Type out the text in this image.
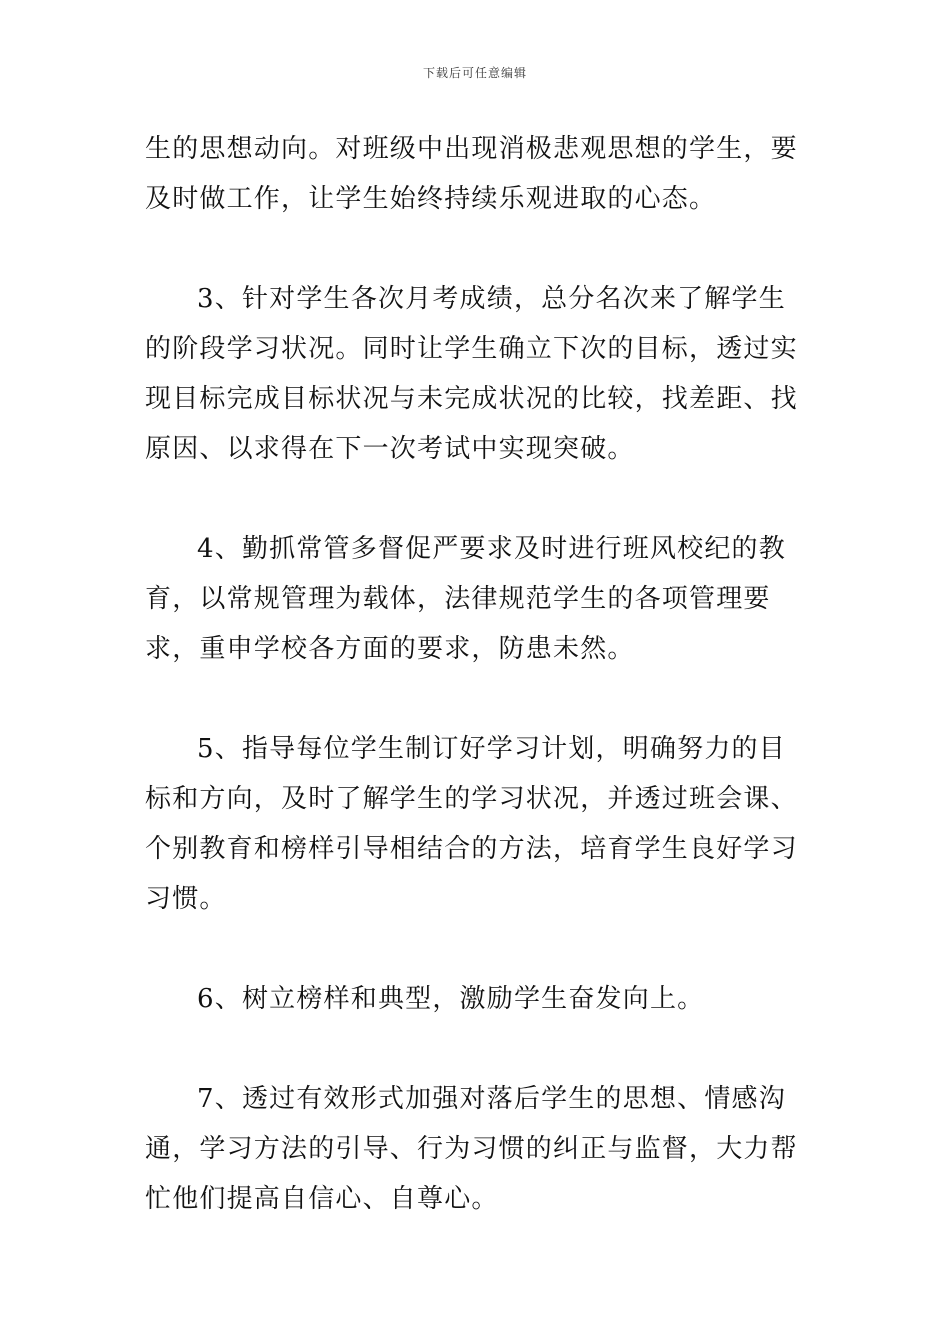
下载后可任意编辑

生的思想动向。对班级中出现消极悲观思想的学生，要及时做工作，让学生始终持续乐观进取的心态。

3、针对学生各次月考成绩，总分名次来了解学生的阶段学习状况。同时让学生确立下次的目标，透过实现目标完成目标状况与未完成状况的比较，找差距、找原因、以求得在下一次考试中实现突破。

4、勤抓常管多督促严要求及时进行班风校纪的教育，以常规管理为载体，法律规范学生的各项管理要求，重申学校各方面的要求，防患未然。

5、指导每位学生制订好学习计划，明确努力的目标和方向，及时了解学生的学习状况，并透过班会课、个别教育和榜样引导相结合的方法，培育学生良好学习习惯。

6、树立榜样和典型，激励学生奋发向上。

7、透过有效形式加强对落后学生的思想、情感沟通，学习方法的引导、行为习惯的纠正与监督，大力帮忙他们提高自信心、自尊心。
